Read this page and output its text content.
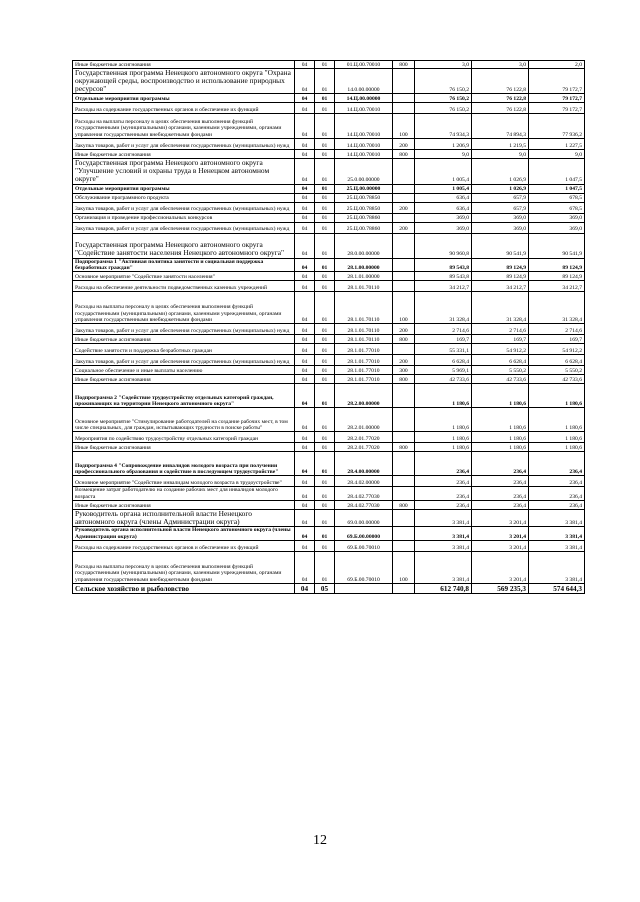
Иные бюджетные ассигнования	04	01	01.Ц.00.70010	800	3,0	3,0	2,0
Государственная программа Ненецкого автономного округа "Охрана окружающей среды, воспроизводство и использование природных ресурсов"	04	01	14.0.00.00000		76 150,2	76 122,8	79 172,7
Отдельные мероприятия программы	04	01	14.Ц.00.00000		76 150,2	76 122,8	79 172,7
Расходы на содержание государственных органов и обеспечение их функций	04	01	14.Ц.00.70010		76 150,2	76 122,8	79 172,7
Расходы на выплаты персоналу в целях обеспечения выполнения функций государственными (муниципальными) органами, казенными учреждениями, органами управления государственными внебюджетными фондами	04	01	14.Ц.00.70010	100	74 934,3	74 894,3	77 936,2
Закупка товаров, работ и услуг для обеспечения государственных (муниципальных) нужд	04	01	14.Ц.00.70010	200	1 206,9	1 219,5	1 227,5
Иные бюджетные ассигнования	04	01	14.Ц.00.70010	800	9,0	9,0	9,0
Государственная программа Ненецкого автономного округа "Улучшение условий и охраны труда в Ненецком автономном округе"	04	01	25.0.00.00000		1 005,4	1 026,9	1 047,5
Отдельные мероприятия программы	04	01	25.Ц.00.00000		1 005,4	1 026,9	1 047,5
Обслуживание программного продукта	04	01	25.Ц.00.78850		636,4	657,9	678,5
Закупка товаров, работ и услуг для обеспечения государственных (муниципальных) нужд	04	01	25.Ц.00.78850	200	636,4	657,9	678,5
Организация и проведение профессиональных конкурсов	04	01	25.Ц.00.78860		369,0	369,0	369,0
Закупка товаров, работ и услуг для обеспечения государственных (муниципальных) нужд	04	01	25.Ц.00.78860	200	369,0	369,0	369,0
Государственная программа Ненецкого автономного округа "Содействие занятости населения Ненецкого автономного округа"	04	01	28.0.00.00000		90 960,8	90 541,9	90 541,9
Подпрограмма 1 "Активная политика занятости и социальная поддержка безработных граждан"	04	01	28.1.00.00000		89 543,8	89 124,9	89 124,9
Основное мероприятие "Содействие занятости населения"	04	01	28.1.01.00000		89 543,8	89 124,9	89 124,9
Расходы на обеспечение деятельности подведомственных казенных учреждений	04	01	28.1.01.70110		34 212,7	34 212,7	34 212,7
Расходы на выплаты персоналу в целях обеспечения выполнения функций государственными (муниципальными) органами, казенными учреждениями, органами управления государственными внебюджетными фондами	04	01	28.1.01.70110	100	31 328,4	31 328,4	31 328,4
Закупка товаров, работ и услуг для обеспечения государственных (муниципальных) нужд	04	01	28.1.01.70110	200	2 714,6	2 714,6	2 714,6
Иные бюджетные ассигнования	04	01	28.1.01.70110	800	169,7	169,7	169,7
Содействие занятости и поддержка безработных граждан	04	01	28.1.01.77010		55 331,1	54 912,2	54 912,2
Закупка товаров, работ и услуг для обеспечения государственных (муниципальных) нужд	04	01	28.1.01.77010	200	6 628,4	6 628,4	6 628,4
Социальное обеспечение и иные выплаты населению	04	01	28.1.01.77010	300	5 969,1	5 550,2	5 550,2
Иные бюджетные ассигнования	04	01	28.1.01.77010	800	42 733,6	42 733,6	42 733,6
Подпрограмма 2 "Содействие трудоустройству отдельных категорий граждан, проживающих на территории Ненецкого автономного округа"	04	01	28.2.00.00000		1 180,6	1 180,6	1 180,6
Основное мероприятие "Стимулирование работодателей на создание рабочих мест, в том числе специальных, для граждан, испытывающих трудности в поиске работы"	04	01	28.2.01.00000		1 180,6	1 180,6	1 180,6
Мероприятия по содействию трудоустройству отдельных категорий граждан	04	01	28.2.01.77020		1 180,6	1 180,6	1 180,6
Иные бюджетные ассигнования	04	01	28.2.01.77020	800	1 180,6	1 180,6	1 180,6
Подпрограмма 4 "Сопровождение инвалидов молодого возраста при получении профессионального образования и содействие в последующем трудоустройстве"	04	01	28.4.00.00000		236,4	236,4	236,4
Основное мероприятие "Содействие инвалидам молодого возраста в трудоустройстве"	04	01	28.4.02.00000		236,4	236,4	236,4
Возмещение затрат работодателю на создание рабочих мест для инвалидов молодого возраста	04	01	28.4.02.77030		236,4	236,4	236,4
Иные бюджетные ассигнования	04	01	28.4.02.77030	800	236,4	236,4	236,4
Руководитель органа исполнительной власти Ненецкого автономного округа (члены Администрации округа)	04	01	69.0.00.00000		3 381,4	3 201,4	3 381,4
Руководитель органа исполнительной власти Ненецкого автономного округа (члены Администрации округа)	04	01	69.Б.00.00000		3 381,4	3 201,4	3 381,4
Расходы на содержание государственных органов и обеспечение их функций	04	01	69.Б.00.70010		3 381,4	3 201,4	3 381,4
Расходы на выплаты персоналу в целях обеспечения выполнения функций государственными (муниципальными) органами, казенными учреждениями, органами управления государственными внебюджетными фондами	04	01	69.Б.00.70010	100	3 381,4	3 201,4	3 381,4
Сельское хозяйство и рыболовство	04	05			612 740,8	569 235,3	574 644,3
12
